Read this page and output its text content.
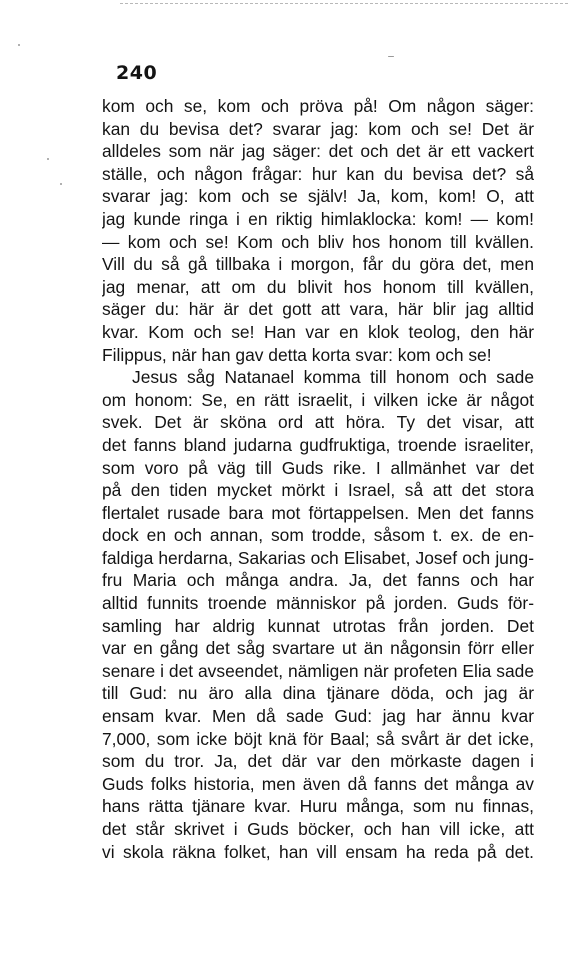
240
kom och se, kom och pröva på! Om någon säger:
kan du bevisa det? svarar jag: kom och se! Det är
alldeles som när jag säger: det och det är ett vackert
ställe, och någon frågar: hur kan du bevisa det? så
svarar jag: kom och se själv! Ja, kom, kom! O, att
jag kunde ringa i en riktig himlaklocka: kom! — kom!
— kom och se! Kom och bliv hos honom till kvällen.
Vill du så gå tillbaka i morgon, får du göra det, men
jag menar, att om du blivit hos honom till kvällen,
säger du: här är det gott att vara, här blir jag alltid
kvar. Kom och se! Han var en klok teolog, den här
Filippus, när han gav detta korta svar: kom och se!
Jesus såg Natanael komma till honom och sade
om honom: Se, en rätt israelit, i vilken icke är något
svek. Det är sköna ord att höra. Ty det visar, att
det fanns bland judarna gudfruktiga, troende israeliter,
som voro på väg till Guds rike. I allmänhet var det
på den tiden mycket mörkt i Israel, så att det stora
flertalet rusade bara mot förtappelsen. Men det fanns
dock en och annan, som trodde, såsom t. ex. de en-
faldiga herdarna, Sakarias och Elisabet, Josef och jung-
fru Maria och många andra. Ja, det fanns och har
alltid funnits troende människor på jorden. Guds för-
samling har aldrig kunnat utrotas från jorden. Det
var en gång det såg svartare ut än någonsin förr eller
senare i det avseendet, nämligen när profeten Elia sade
till Gud: nu äro alla dina tjänare döda, och jag är
ensam kvar. Men då sade Gud: jag har ännu kvar
7,000, som icke böjt knä för Baal; så svårt är det icke,
som du tror. Ja, det där var den mörkaste dagen i
Guds folks historia, men även då fanns det många av
hans rätta tjänare kvar. Huru många, som nu finnas,
det står skrivet i Guds böcker, och han vill icke, att
vi skola räkna folket, han vill ensam ha reda på det.
